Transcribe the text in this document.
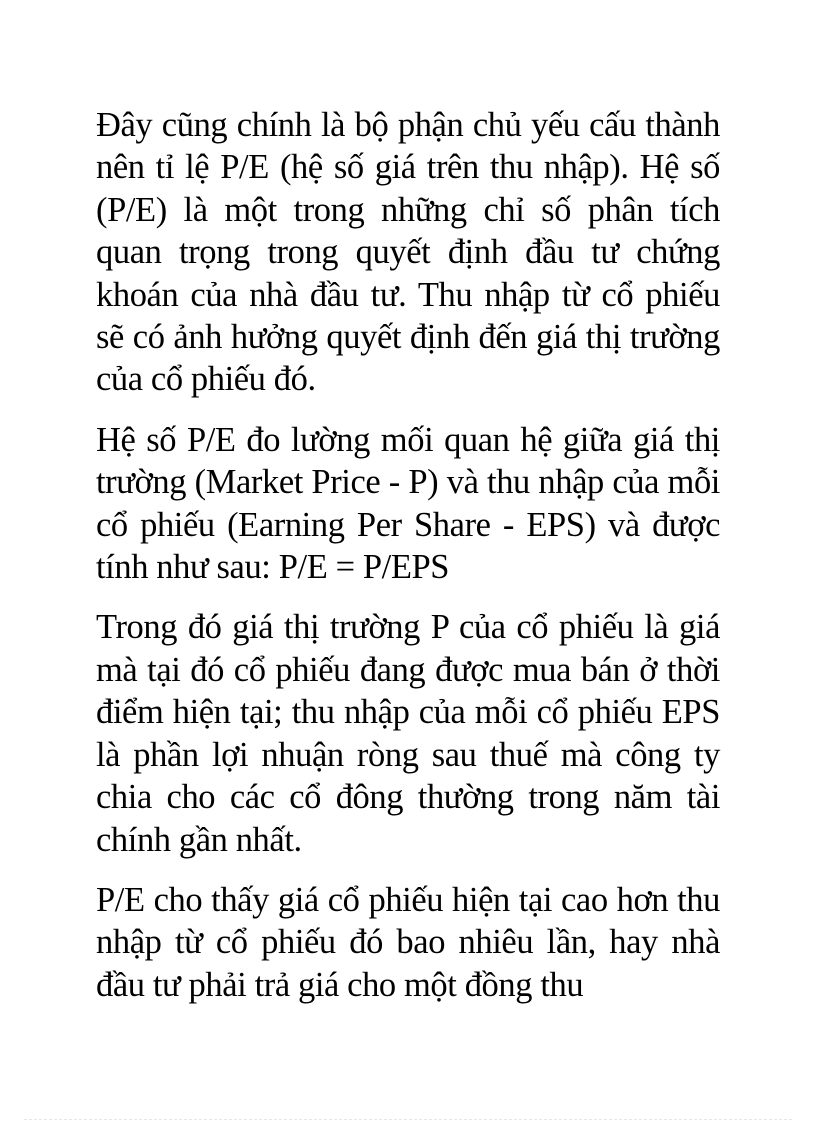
Đây cũng chính là bộ phận chủ yếu cấu thành nên tỉ lệ P/E (hệ số giá trên thu nhập). Hệ số (P/E) là một trong những chỉ số phân tích quan trọng trong quyết định đầu tư chứng khoán của nhà đầu tư. Thu nhập từ cổ phiếu sẽ có ảnh hưởng quyết định đến giá thị trường của cổ phiếu đó.

Hệ số P/E đo lường mối quan hệ giữa giá thị trường (Market Price - P) và thu nhập của mỗi cổ phiếu (Earning Per Share - EPS) và được tính như sau: P/E = P/EPS

Trong đó giá thị trường P của cổ phiếu là giá mà tại đó cổ phiếu đang được mua bán ở thời điểm hiện tại; thu nhập của mỗi cổ phiếu EPS là phần lợi nhuận ròng sau thuế mà công ty chia cho các cổ đông thường trong năm tài chính gần nhất.

P/E cho thấy giá cổ phiếu hiện tại cao hơn thu nhập từ cổ phiếu đó bao nhiêu lần, hay nhà đầu tư phải trả giá cho một đồng thu
